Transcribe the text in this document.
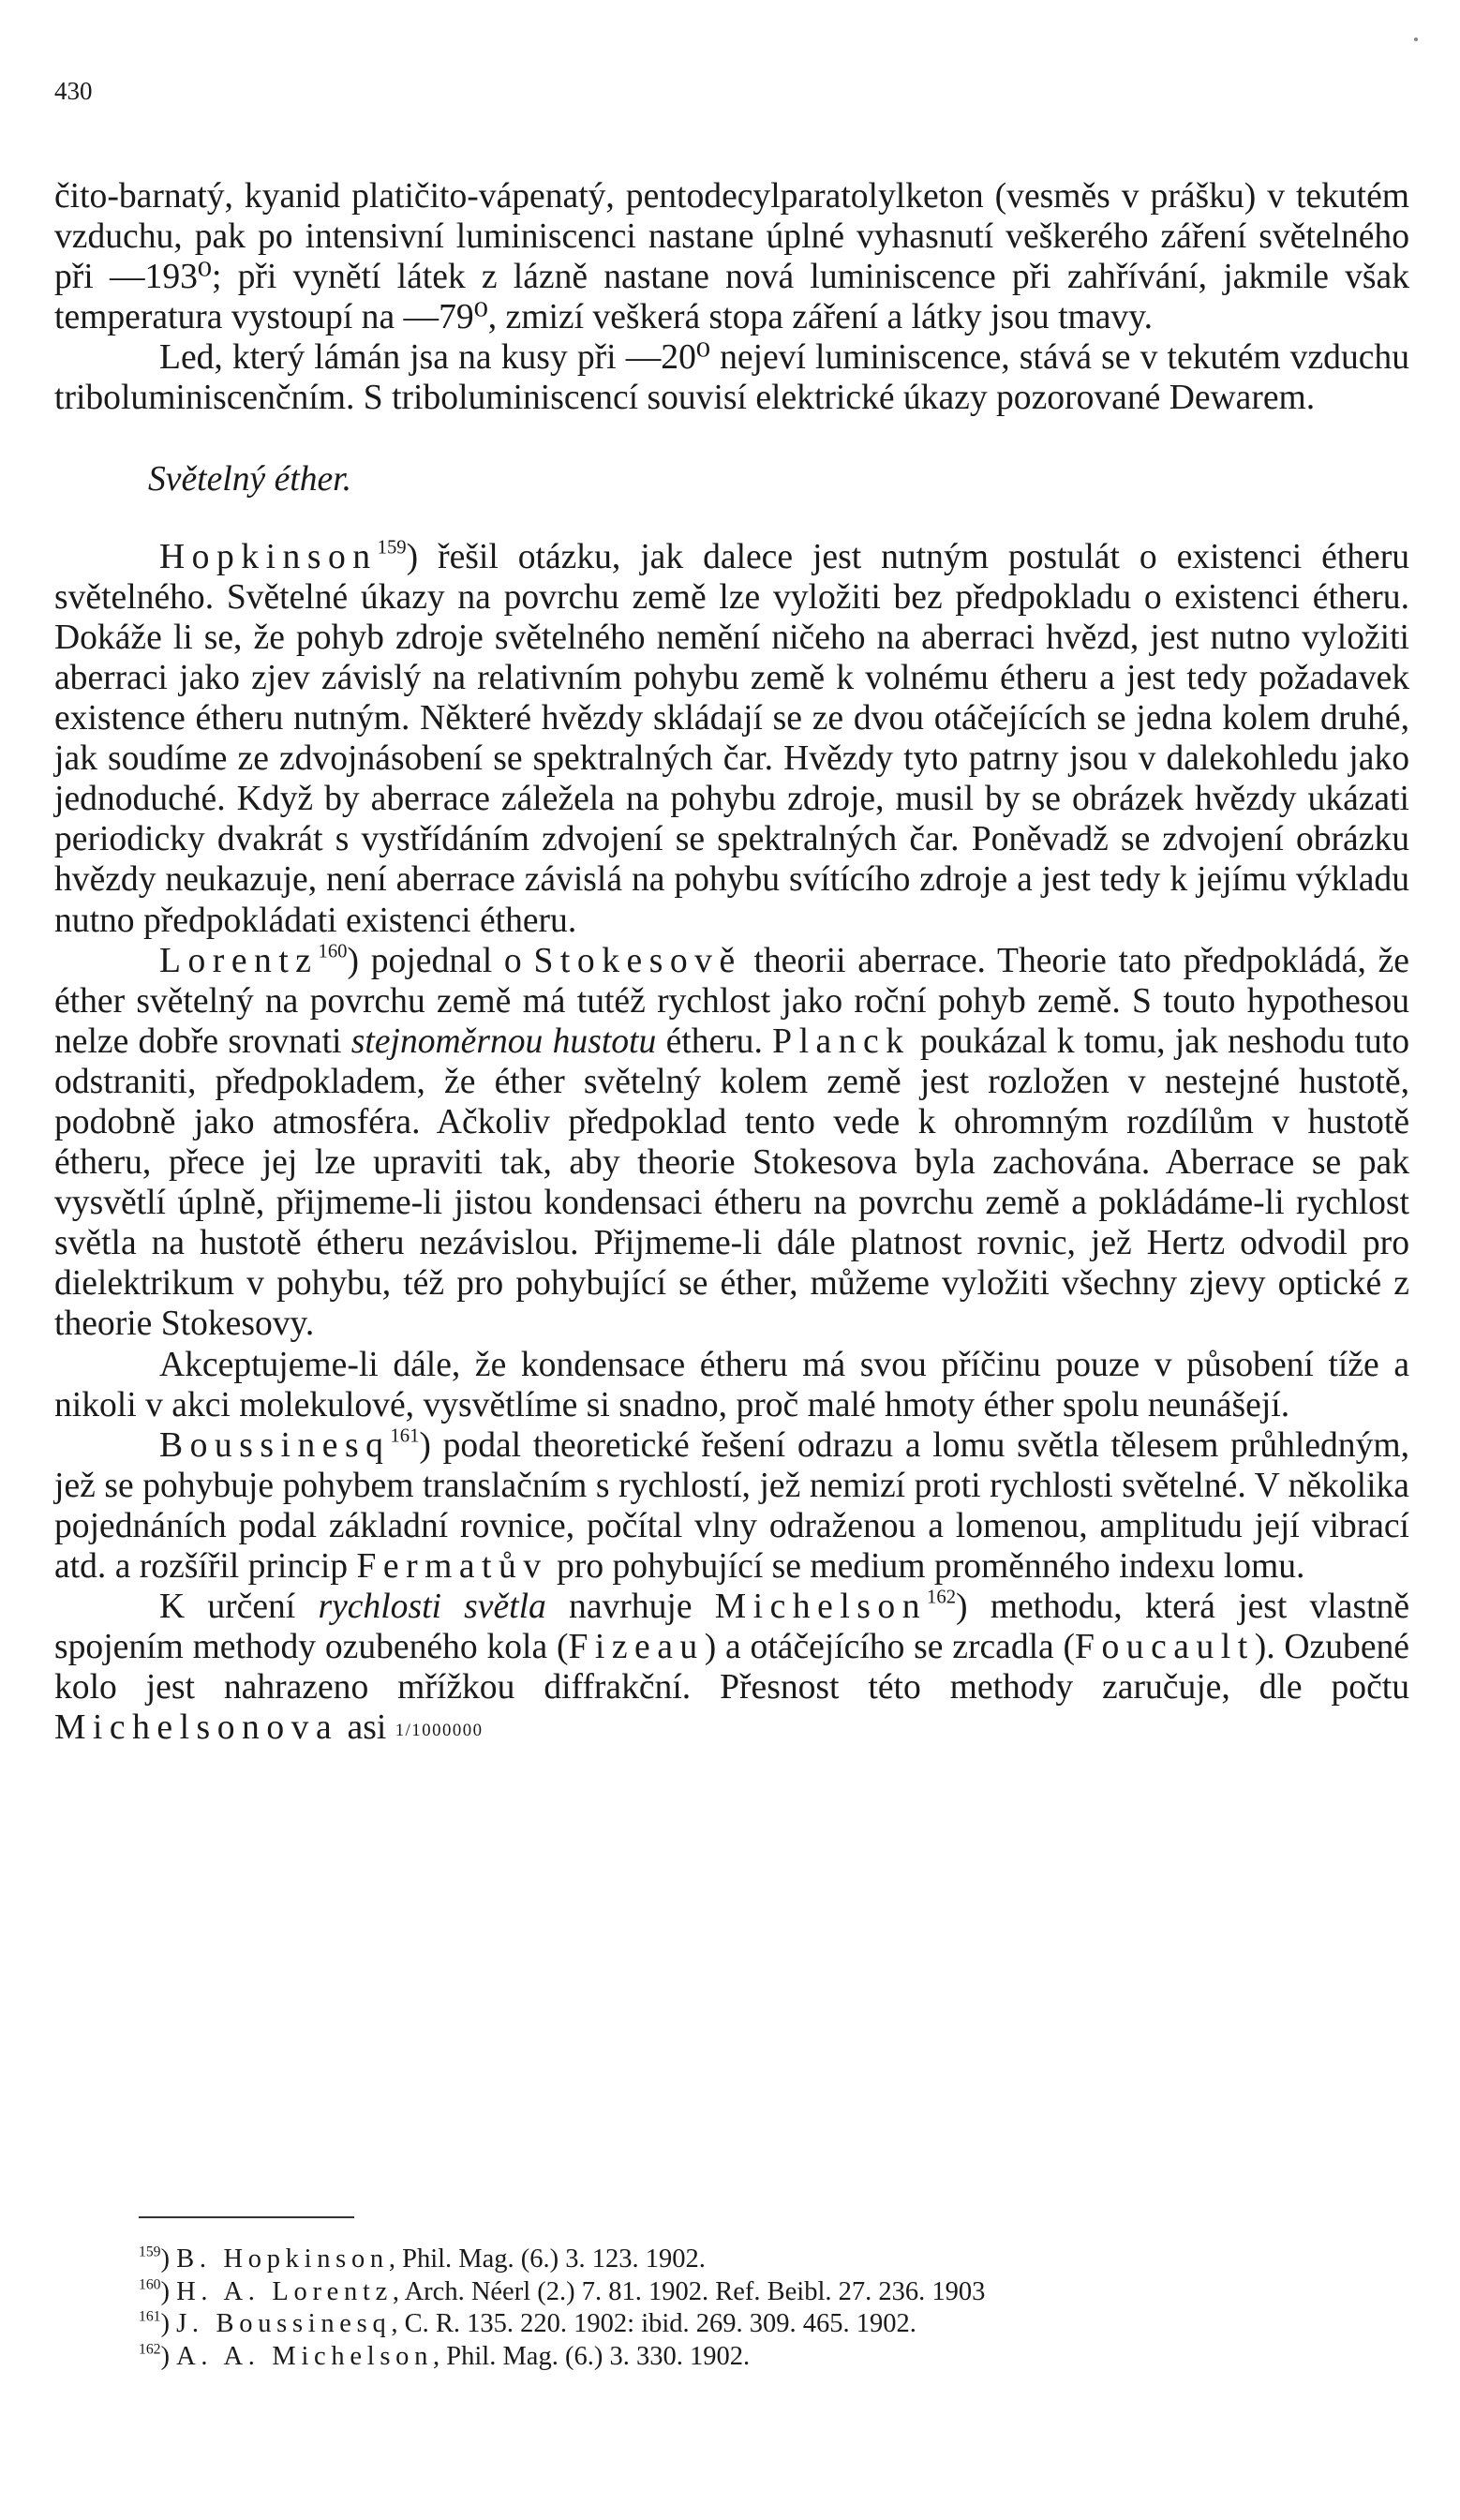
430

čito-barnatý, kyanid platičito-vápenatý, pentodecylparatolylketon (vesměs v prášku) v tekutém vzduchu, pak po intensivní luminiscenci nastane úplné vyhasnutí veškerého záření světelného při —193⁰; při vynětí látek z lázně nastane nová luminiscence při zahřívání, jakmile však temperatura vystoupí na —79⁰, zmizí veškerá stopa záření a látky jsou tmavy.

Led, který lámán jsa na kusy při —20⁰ nejeví luminiscence, stává se v tekutém vzduchu triboluminiscenčním. S triboluminiscencí souvisí elektrické úkazy pozorované Dewarem.

Světelný éther.

Hopkinson$^{159}$) řešil otázku, jak dalece jest nutným postulát o existenci étheru světelného. Světelné úkazy na povrchu země lze vyložiti bez předpokladu o existenci étheru. Dokáže li se, že pohyb zdroje světelného nemění ničeho na aberraci hvězd, jest nutno vyložiti aberraci jako zjev závislý na relativním pohybu země k volnému étheru a jest tedy požadavek existence étheru nutným. Některé hvězdy skládají se ze dvou otáčejících se jedna kolem druhé, jak soudíme ze zdvojnásobení se spektralných čar. Hvězdy tyto patrny jsou v dalekohledu jako jednoduché. Když by aberrace záležela na pohybu zdroje, musil by se obrázek hvězdy ukázati periodicky dvakrát s vystřídáním zdvojení se spektralných čar. Poněvadž se zdvojení obrázku hvězdy neukazuje, není aberrace závislá na pohybu svítícího zdroje a jest tedy k jejímu výkladu nutno předpokládati existenci étheru.

Lorentz$^{160}$) pojednal o Stokesově theorii aberrace. Theorie tato předpokládá, že éther světelný na povrchu země má tutéž rychlost jako roční pohyb země. S touto hypothesou nelze dobře srovnati stejnoměrnou hustotu étheru. Planck poukázal k tomu, jak neshodu tuto odstraniti, předpokladem, že éther světelný kolem země jest rozložen v nestejné hustotě, podobně jako atmosféra. Ačkoliv předpoklad tento vede k ohromným rozdílům v hustotě étheru, přece jej lze upraviti tak, aby theorie Stokesova byla zachována. Aberrace se pak vysvětlí úplně, přijmeme-li jistou kondensaci étheru na povrchu země a pokládáme-li rychlost světla na hustotě étheru nezávislou. Přijmeme-li dále platnost rovnic, jež Hertz odvodil pro dielektrikum v pohybu, též pro pohybující se éther, můžeme vyložiti všechny zjevy optické z theorie Stokesovy.

Akceptujeme-li dále, že kondensace étheru má svou příčinu pouze v působení tíže a nikoli v akci molekulové, vysvětlíme si snadno, proč malé hmoty éther spolu neunášejí.

Boussinesq$^{161}$) podal theoretické řešení odrazu a lomu světla tělesem průhledným, jež se pohybuje pohybem translačním s rychlostí, jež nemizí proti rychlosti světelné. V několika pojednáních podal základní rovnice, počítal vlny odraženou a lomenou, amplitudu její vibrací atd. a rozšířil princip Fermatův pro pohybující se medium proměnného indexu lomu.

K určení rychlosti světla navrhuje Michelson$^{162}$) methodu, která jest vlastně spojením methody ozubeného kola (Fizeau) a otáčejícího se zrcadla (Foucault). Ozubené kolo jest nahrazeno mřížkou diffrakční. Přesnost této methody zaručuje, dle počtu Michelsonova asi 1/1000000

$^{159}$) B. Hopkinson, Phil. Mag. (6.) 3. 123. 1902.
$^{160}$) H. A. Lorentz, Arch. Néerl (2.) 7. 81. 1902. Ref. Beibl. 27. 236. 1903
$^{161}$) J. Boussinesq, C. R. 135. 220. 1902: ibid. 269. 309. 465. 1902.
$^{162}$) A. A. Michelson, Phil. Mag. (6.) 3. 330. 1902.
